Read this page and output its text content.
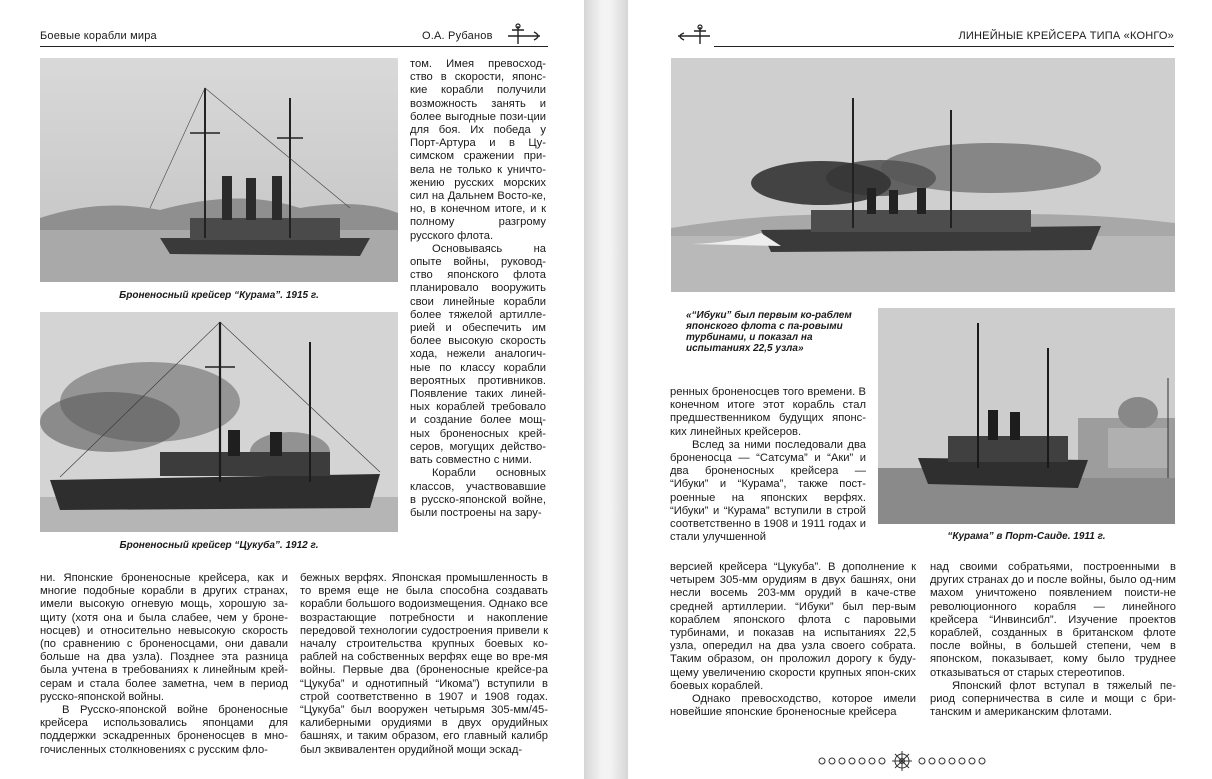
Боевые корабли мира	О.А. Рубанов
Броненосный крейсер “Курама”. 1915 г.
Броненосный крейсер “Цукуба”. 1912 г.

том. Имея превосход-ство в скорости, японс-кие корабли получили возможность занять и более выгодные пози-ции для боя. Их победа у Порт-Артура и в Цу-симском сражении при-вела не только к уничто-жению русских морских сил на Дальнем Восто-ке, но, в конечном итоге, и к полному разгрому русского флота.

Основываясь на опыте войны, руковод-ство японского флота планировало вооружить свои линейные корабли более тяжелой артилле-рией и обеспечить им более высокую скорость хода, нежели аналогич-ные по классу корабли вероятных противников. Появление таких линей-ных кораблей требовало и создание более мощ-ных броненосных крей-серов, могущих действо-вать совместно с ними.

Корабли основных классов, участвовавшие в русско-японской войне, были построены на зару-

ни. Японские броненосные крейсера, как и многие подобные корабли в других странах, имели высокую огневую мощь, хорошую за-щиту (хотя она и была слабее, чем у броне-носцев) и относительно невысокую скорость (по сравнению с броненосцами, они давали больше на два узла). Позднее эта разница была учтена в требованиях к линейным крей-серам и стала более заметна, чем в период русско-японской войны.

В Русско-японской войне броненосные крейсера использовались японцами для поддержки эскадренных броненосцев в мно-гочисленных столкновениях с русским фло-

бежных верфях. Японская промышленность в то время еще не была способна создавать корабли большого водоизмещения. Однако все возрастающие потребности и накопление передовой технологии судостроения привели к началу строительства крупных боевых ко-раблей на собственных верфях еще во вре-мя войны. Первые два (броненосные крейсе-ра “Цукуба” и однотипный “Икома”) вступили в строй соответственно в 1907 и 1908 годах. “Цукуба” был вооружен четырьмя 305-мм/45-калиберными орудиями в двух орудийных башнях, и таким образом, его главный калибр был эквивалентен орудийной мощи эскад-

ЛИНЕЙНЫЕ КРЕЙСЕРА ТИПА «КОНГО»
«“Ибуки” был первым ко-раблем японского флота с па-ровыми турбинами, и показал на испытаниях 22,5 узла»
“Курама” в Порт-Саиде. 1911 г.

ренных броненосцев того времени. В конечном итоге этот корабль стал предшественником будущих японс-ких линейных крейсеров.

Вслед за ними последовали два броненосца — “Сатсума” и “Аки” и два броненосных крейсера — “Ибуки” и “Курама”, также пост-роенные на японских верфях. “Ибуки” и “Курама” вступили в строй соответственно в 1908 и 1911 годах и стали улучшенной

версией крейсера “Цукуба”. В дополнение к четырем 305-мм орудиям в двух башнях, они несли восемь 203-мм орудий в каче-стве средней артиллерии. “Ибуки” был пер-вым кораблем японского флота с паровыми турбинами, и показав на испытаниях 22,5 узла, опередил на два узла своего собрата. Таким образом, он проложил дорогу к буду-щему увеличению скорости крупных япон-ских боевых кораблей.

Однако превосходство, которое имели новейшие японские броненосные крейсера

над своими собратьями, построенными в других странах до и после войны, было од-ним махом уничтожено появлением поисти-не революционного корабля — линейного крейсера “Инвинсибл”. Изучение проектов кораблей, созданных в британском флоте после войны, в большей степени, чем в японском, показывает, кому было труднее отказываться от старых стереотипов.

Японский флот вступал в тяжелый пе-риод соперничества в силе и мощи с бри-танским и американским флотами.
